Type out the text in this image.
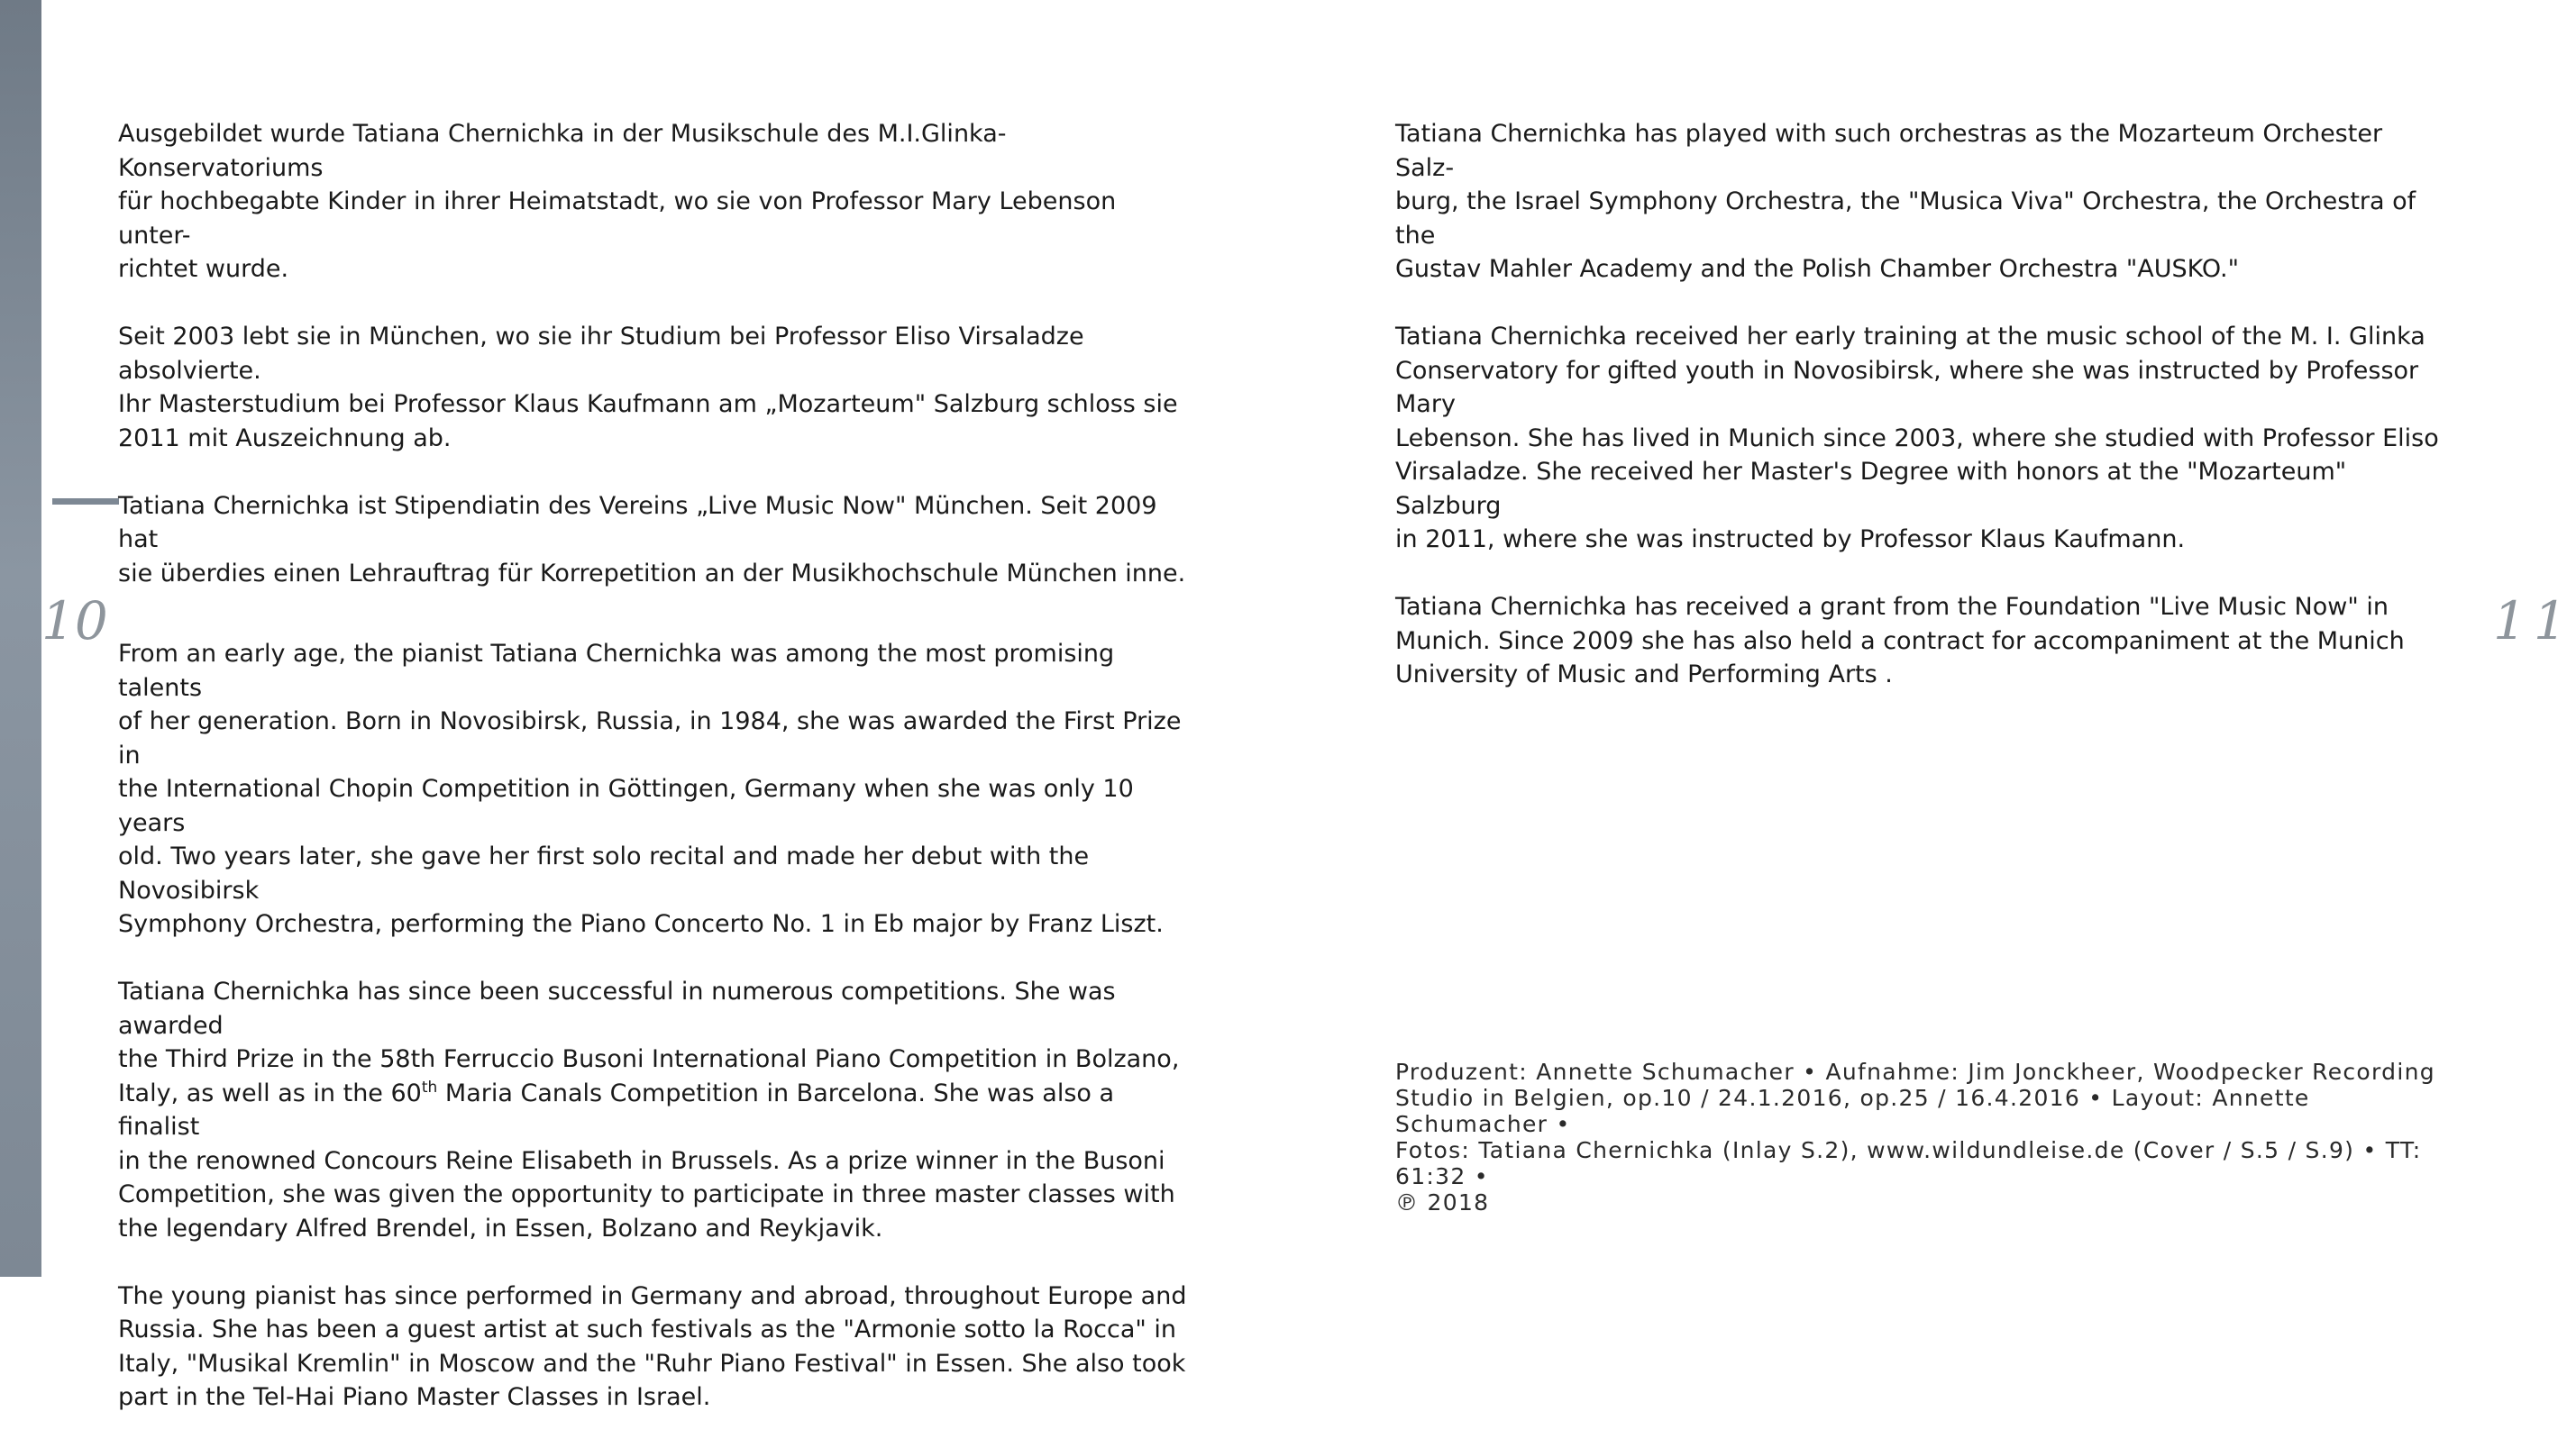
10	11

Ausgebildet wurde Tatiana Chernichka in der Musikschule des M.I.Glinka-Konservatoriums
für hochbegabte Kinder in ihrer Heimatstadt, wo sie von Professor Mary Lebenson unter-
richtet wurde.

Seit 2003 lebt sie in München, wo sie ihr Studium bei Professor Eliso Virsaladze absolvierte.
Ihr Masterstudium bei Professor Klaus Kaufmann am „Mozarteum" Salzburg schloss sie
2011 mit Auszeichnung ab.

Tatiana Chernichka ist Stipendiatin des Vereins „Live Music Now" München. Seit 2009 hat
sie überdies einen Lehrauftrag für Korrepetition an der Musikhochschule München inne.

From an early age, the pianist Tatiana Chernichka was among the most promising talents
of her generation. Born in Novosibirsk, Russia, in 1984, she was awarded the First Prize in
the International Chopin Competition in Göttingen, Germany when she was only 10 years
old. Two years later, she gave her first solo recital and made her debut with the Novosibirsk
Symphony Orchestra, performing the Piano Concerto No. 1 in Eb major by Franz Liszt.

Tatiana Chernichka has since been successful in numerous competitions. She was awarded
the Third Prize in the 58th Ferruccio Busoni International Piano Competition in Bolzano,
Italy, as well as in the 60th Maria Canals Competition in Barcelona. She was also a finalist
in the renowned Concours Reine Elisabeth in Brussels. As a prize winner in the Busoni
Competition, she was given the opportunity to participate in three master classes with
the legendary Alfred Brendel, in Essen, Bolzano and Reykjavik.

The young pianist has since performed in Germany and abroad, throughout Europe and
Russia. She has been a guest artist at such festivals as the "Armonie sotto la Rocca" in
Italy, "Musikal Kremlin" in Moscow and the "Ruhr Piano Festival" in Essen. She also took
part in the Tel-Hai Piano Master Classes in Israel.

Tatiana Chernichka has played with such orchestras as the Mozarteum Orchester Salz-
burg, the Israel Symphony Orchestra, the "Musica Viva" Orchestra, the Orchestra of the
Gustav Mahler Academy and the Polish Chamber Orchestra "AUSKO."

Tatiana Chernichka received her early training at the music school of the M. I. Glinka
Conservatory for gifted youth in Novosibirsk, where she was instructed by Professor Mary
Lebenson. She has lived in Munich since 2003, where she studied with Professor Eliso
Virsaladze. She received her Master's Degree with honors at the "Mozarteum" Salzburg
in 2011, where she was instructed by Professor Klaus Kaufmann.

Tatiana Chernichka has received a grant from the Foundation "Live Music Now" in
Munich. Since 2009 she has also held a contract for accompaniment at the Munich
University of Music and Performing Arts .

Produzent: Annette Schumacher • Aufnahme: Jim Jonckheer, Woodpecker Recording
Studio in Belgien, op.10 / 24.1.2016, op.25 / 16.4.2016 • Layout: Annette Schumacher •
Fotos: Tatiana Chernichka (Inlay S.2), www.wildundleise.de (Cover / S.5 / S.9) • TT: 61:32 •
℗ 2018
